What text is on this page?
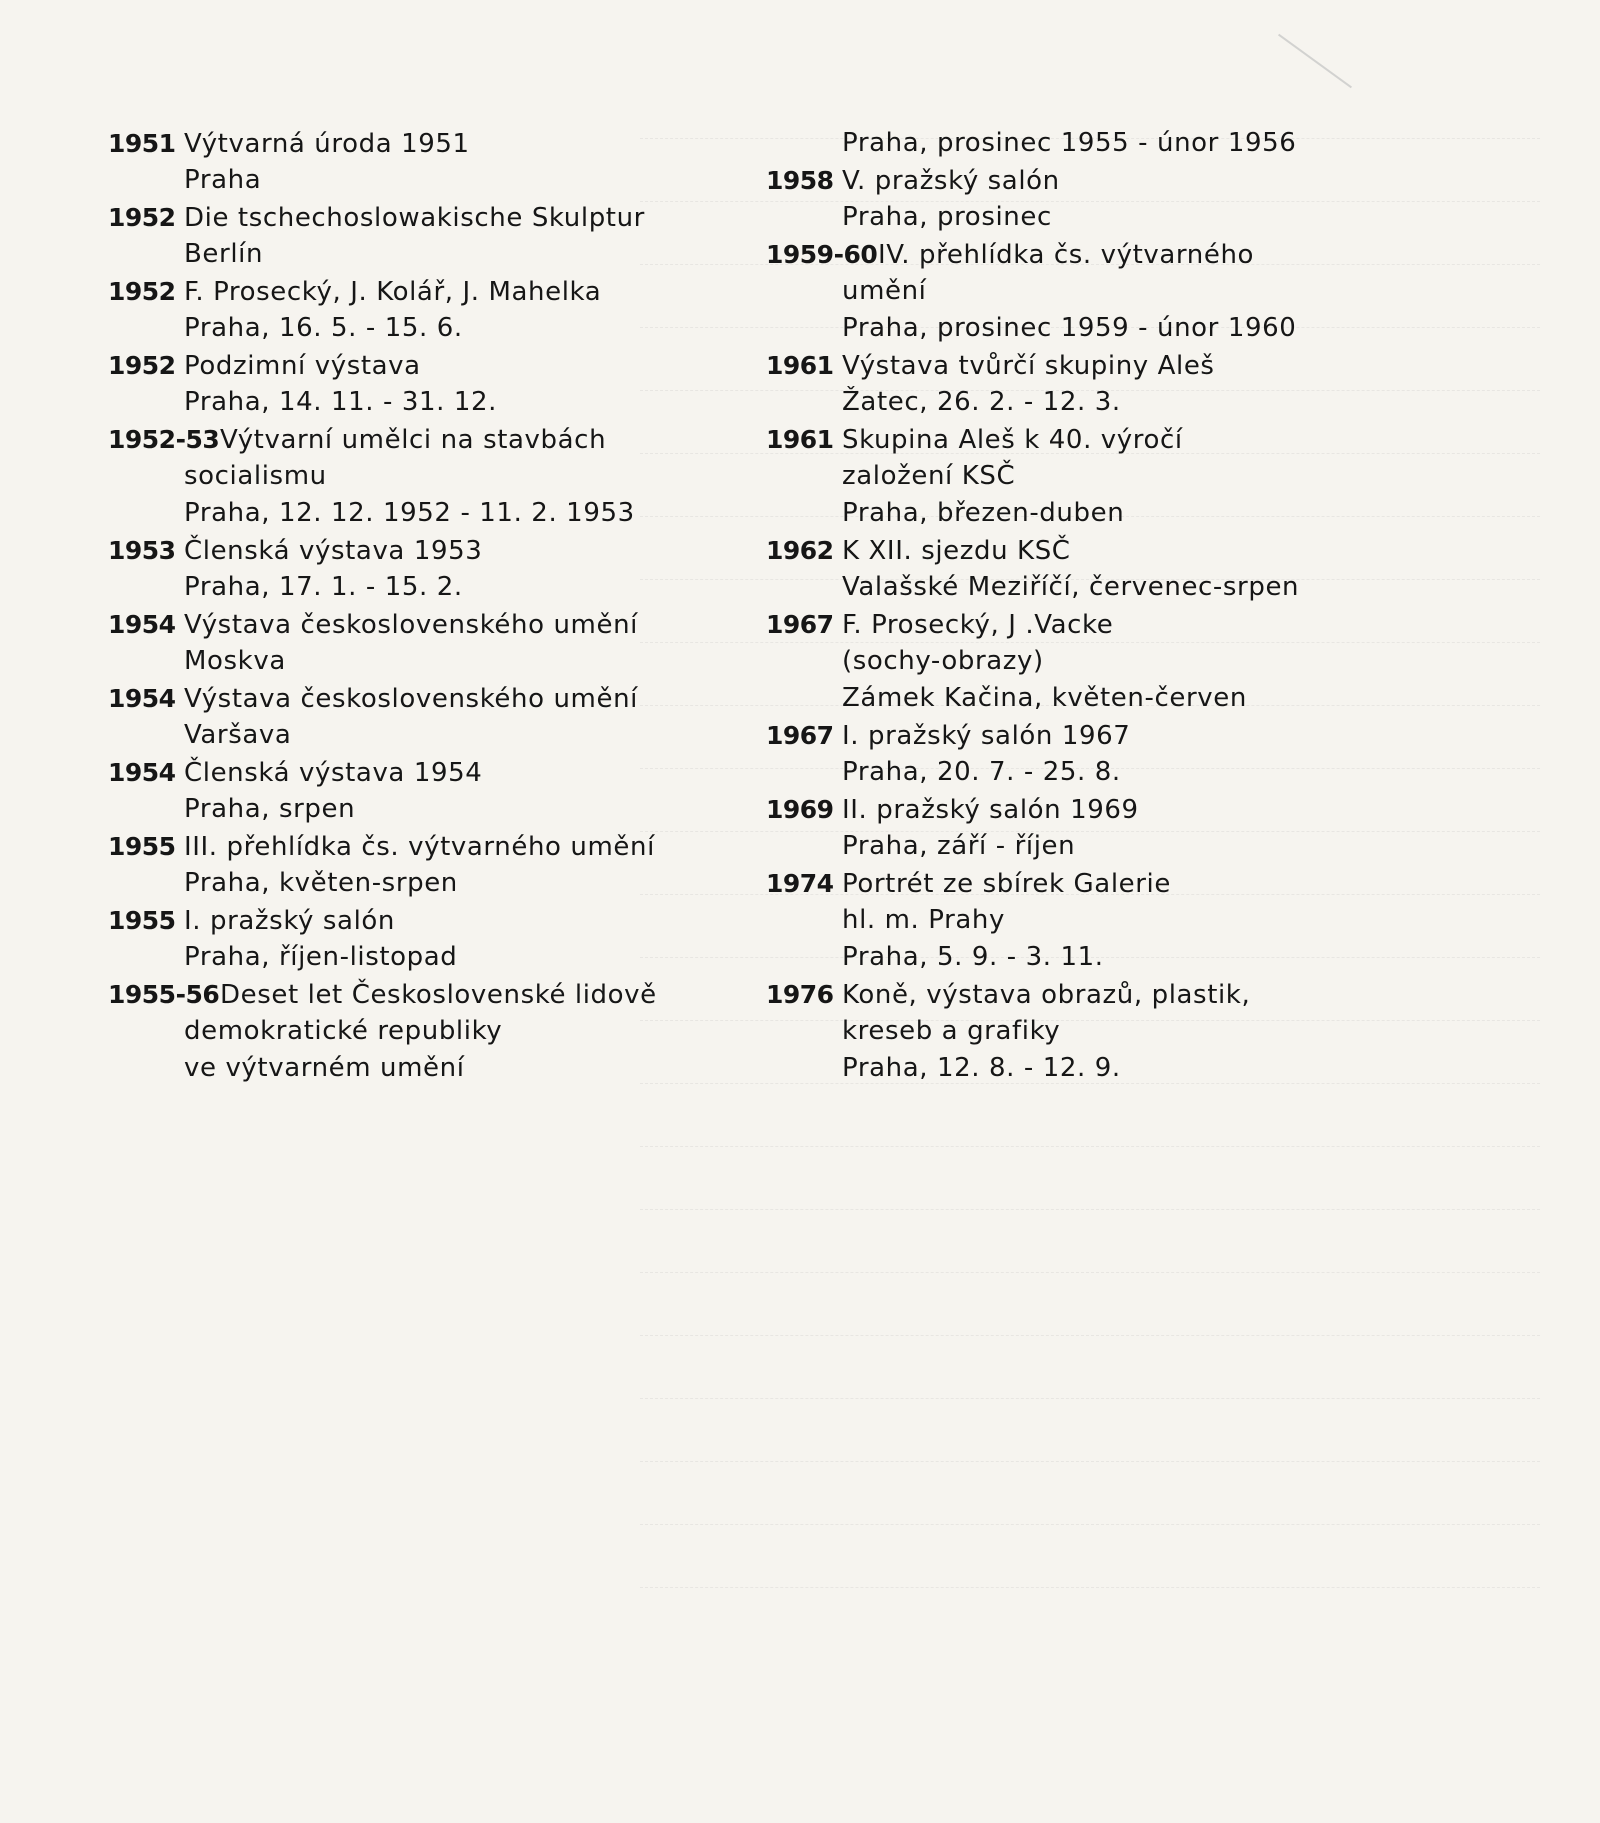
1951 Výtvarná úroda 1951
Praha
1952 Die tschechoslowakische Skulptur
Berlín
1952 F. Prosecký, J. Kolář, J. Mahelka
Praha, 16. 5. - 15. 6.
1952 Podzimní výstava
Praha, 14. 11. - 31. 12.
1952-53 Výtvarní umělci na stavbách
socialismu
Praha, 12. 12. 1952 - 11. 2. 1953
1953 Členská výstava 1953
Praha, 17. 1. - 15. 2.
1954 Výstava československého umění
Moskva
1954 Výstava československého umění
Varšava
1954 Členská výstava 1954
Praha, srpen
1955 III. přehlídka čs. výtvarného umění
Praha, květen-srpen
1955 I. pražský salón
Praha, říjen-listopad
1955-56 Deset let Československé lidově
demokratické republiky
ve výtvarném umění
Praha, prosinec 1955 - únor 1956
1958 V. pražský salón
Praha, prosinec
1959-60 IV. přehlídka čs. výtvarného
umění
Praha, prosinec 1959 - únor 1960
1961 Výstava tvůrčí skupiny Aleš
Žatec, 26. 2. - 12. 3.
1961 Skupina Aleš k 40. výročí
založení KSČ
Praha, březen-duben
1962 K XII. sjezdu KSČ
Valašské Meziříčí, červenec-srpen
1967 F. Prosecký, J .Vacke
(sochy-obrazy)
Zámek Kačina, květen-červen
1967 I. pražský salón 1967
Praha, 20. 7. - 25. 8.
1969 II. pražský salón 1969
Praha, září - říjen
1974 Portrét ze sbírek Galerie
hl. m. Prahy
Praha, 5. 9. - 3. 11.
1976 Koně, výstava obrazů, plastik,
kreseb a grafiky
Praha, 12. 8. - 12. 9.
